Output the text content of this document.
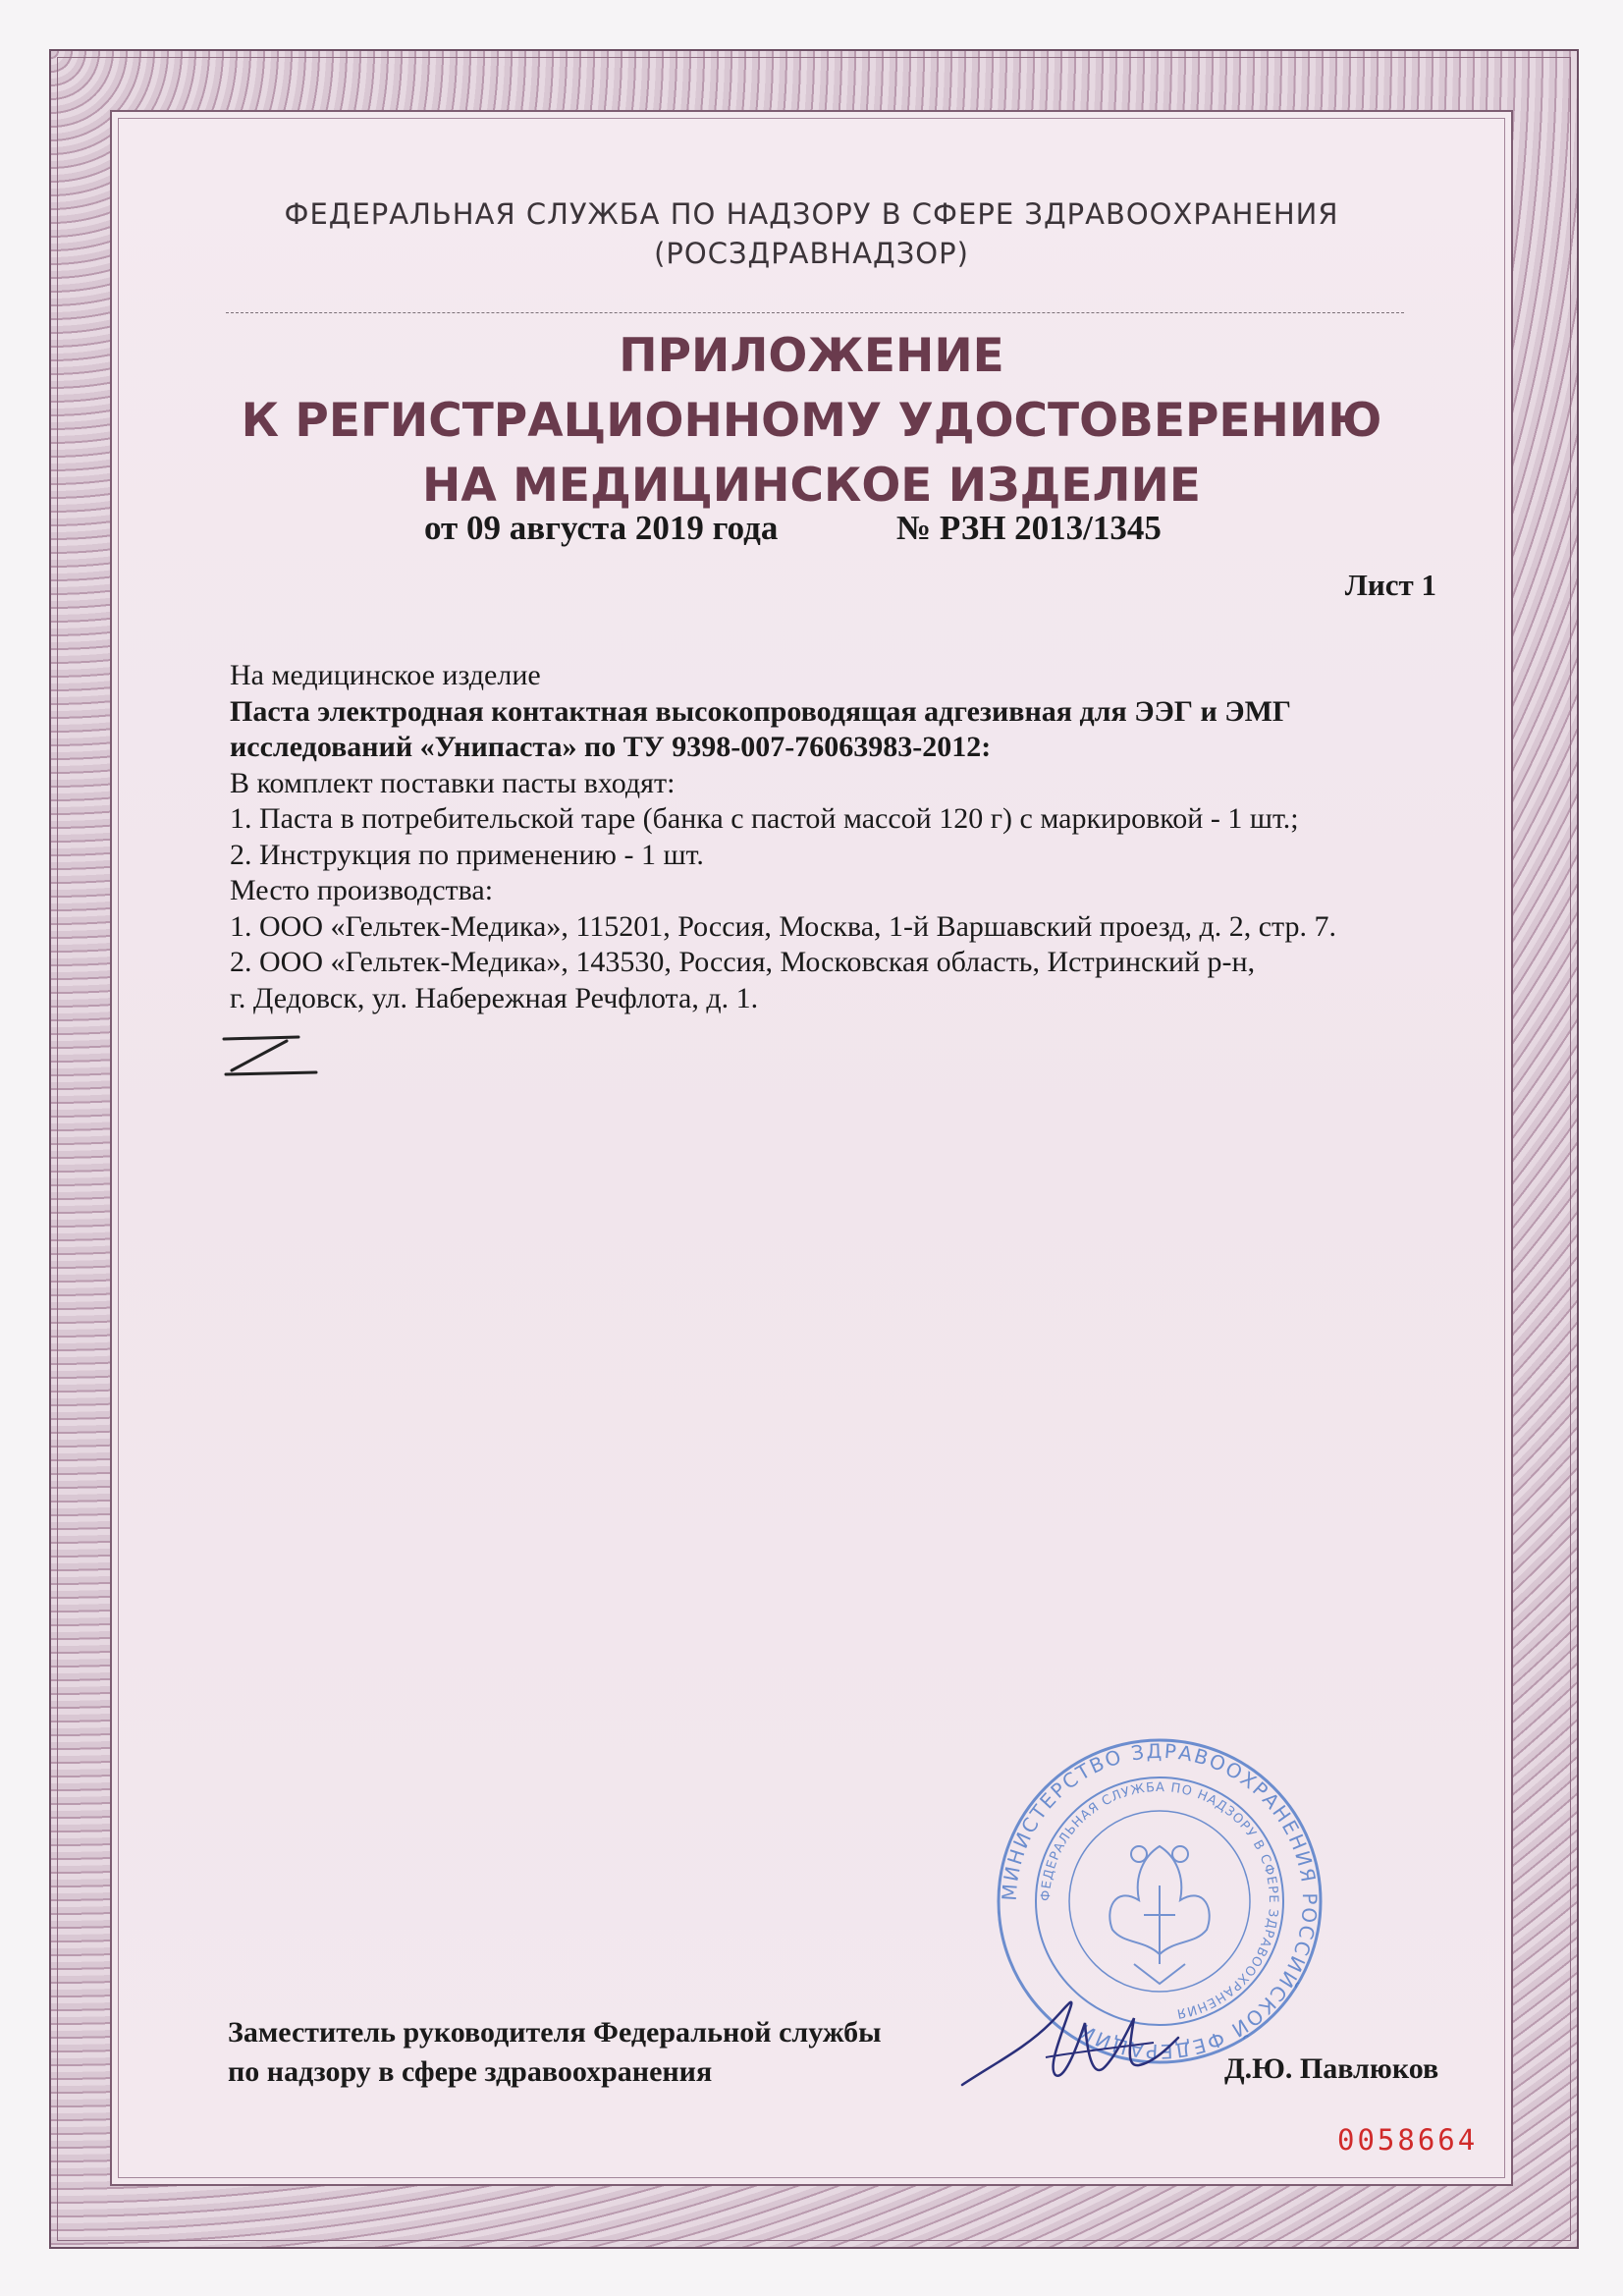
ФЕДЕРАЛЬНАЯ СЛУЖБА ПО НАДЗОРУ В СФЕРЕ ЗДРАВООХРАНЕНИЯ
(РОСЗДРАВНАДЗОР)
ПРИЛОЖЕНИЕ
К РЕГИСТРАЦИОННОМУ УДОСТОВЕРЕНИЮ
НА МЕДИЦИНСКОЕ ИЗДЕЛИЕ
от 09 августа 2019 года	№ РЗН 2013/1345
Лист 1
На медицинское изделие
Паста электродная контактная высокопроводящая адгезивная для ЭЭГ и ЭМГ
исследований «Унипаста» по ТУ 9398-007-76063983-2012:
В комплект поставки пасты входят:
1. Паста в потребительской таре (банка с пастой массой 120 г) с маркировкой - 1 шт.;
2. Инструкция по применению - 1 шт.
Место производства:
1. ООО «Гельтек-Медика», 115201, Россия, Москва, 1-й Варшавский проезд, д. 2, стр. 7.
2. ООО «Гельтек-Медика», 143530, Россия, Московская область, Истринский р-н,
г. Дедовск, ул. Набережная Речфлота, д. 1.
МИНИСТЕРСТВО ЗДРАВООХРАНЕНИЯ РОССИЙСКОЙ ФЕДЕРАЦИИ
ФЕДЕРАЛЬНАЯ СЛУЖБА ПО НАДЗОРУ В СФЕРЕ ЗДРАВООХРАНЕНИЯ
Заместитель руководителя Федеральной службы
по надзору в сфере здравоохранения	Д.Ю. Павлюков
0058664
